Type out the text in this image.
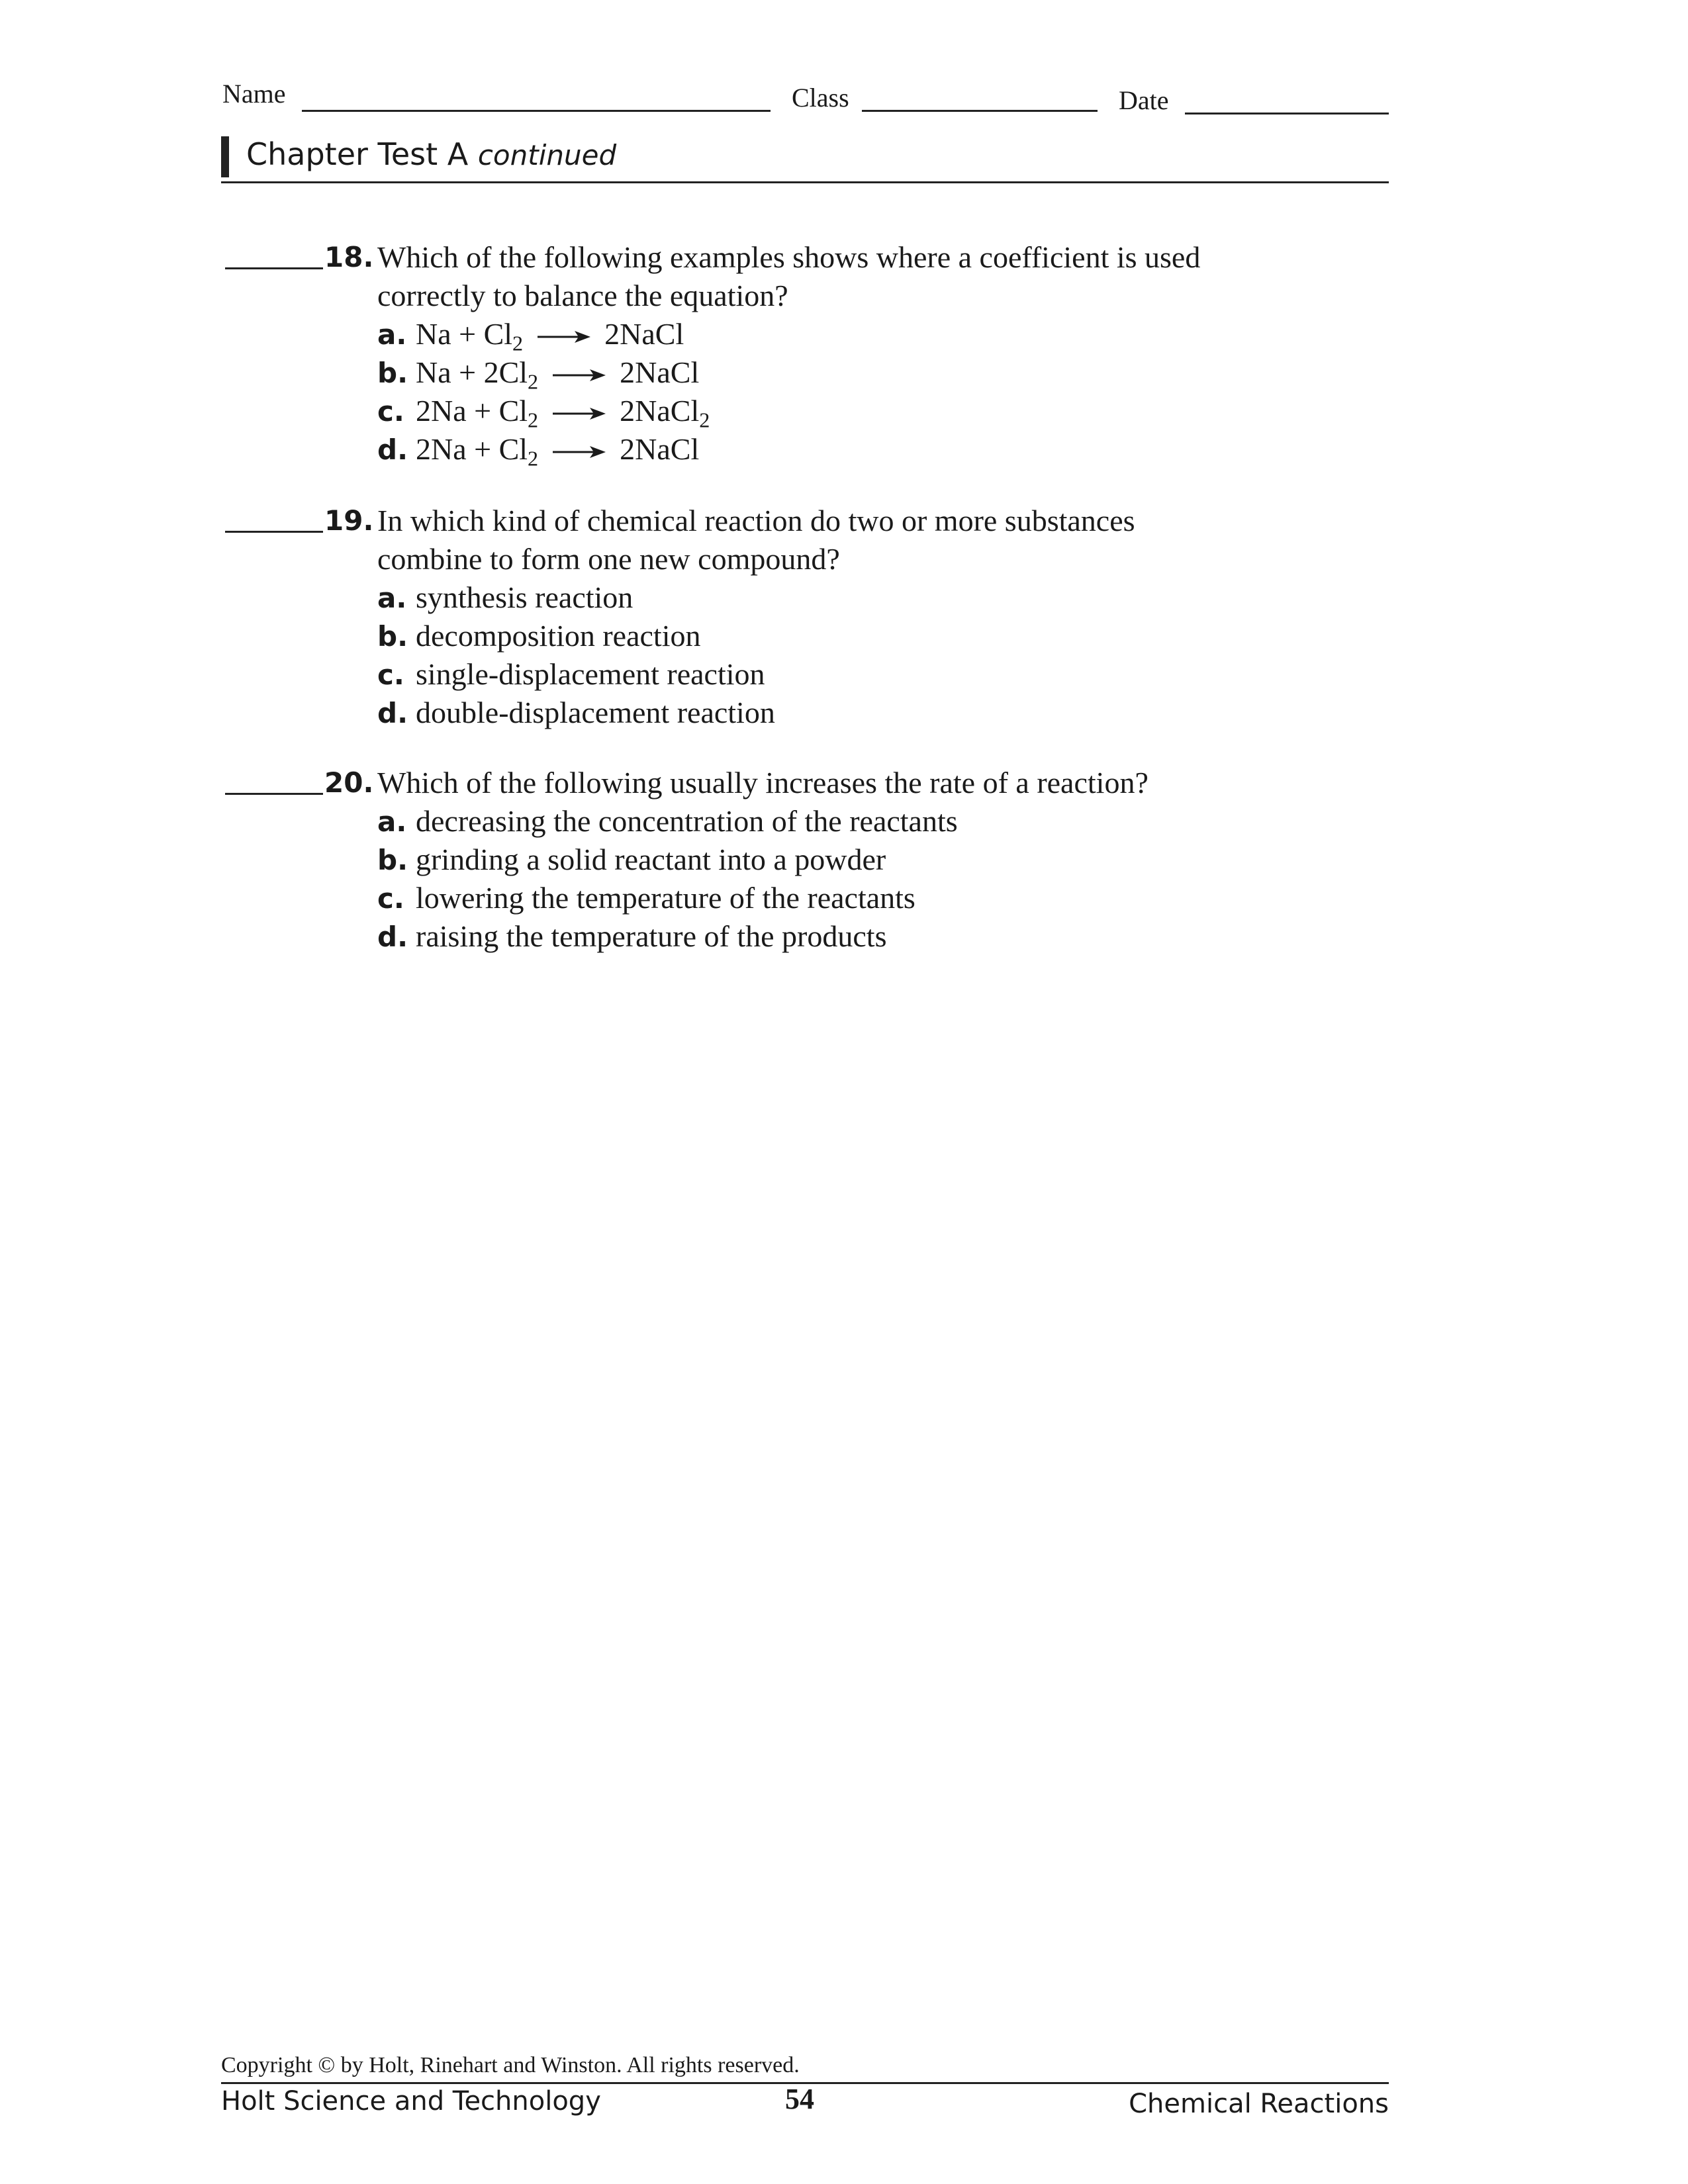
Name	Class	Date
Chapter Test A continued
18. Which of the following examples shows where a coefficient is used

correctly to balance the equation?

a. $Na + Cl_2$ → 2NaCl
b. $Na + 2Cl_2$ → 2NaCl
c. $2Na + Cl_2$ → 2NaCl$_2$
d. $2Na + Cl_2$ → 2NaCl
19. In which kind of chemical reaction do two or more substances

combine to form one new compound?

a. synthesis reaction
b. decomposition reaction
c. single-displacement reaction
d. double-displacement reaction
20. Which of the following usually increases the rate of a reaction?

a. decreasing the concentration of the reactants
b. grinding a solid reactant into a powder
c. lowering the temperature of the reactants
d. raising the temperature of the products
Copyright © by Holt, Rinehart and Winston. All rights reserved.
Holt Science and Technology	54	Chemical Reactions
